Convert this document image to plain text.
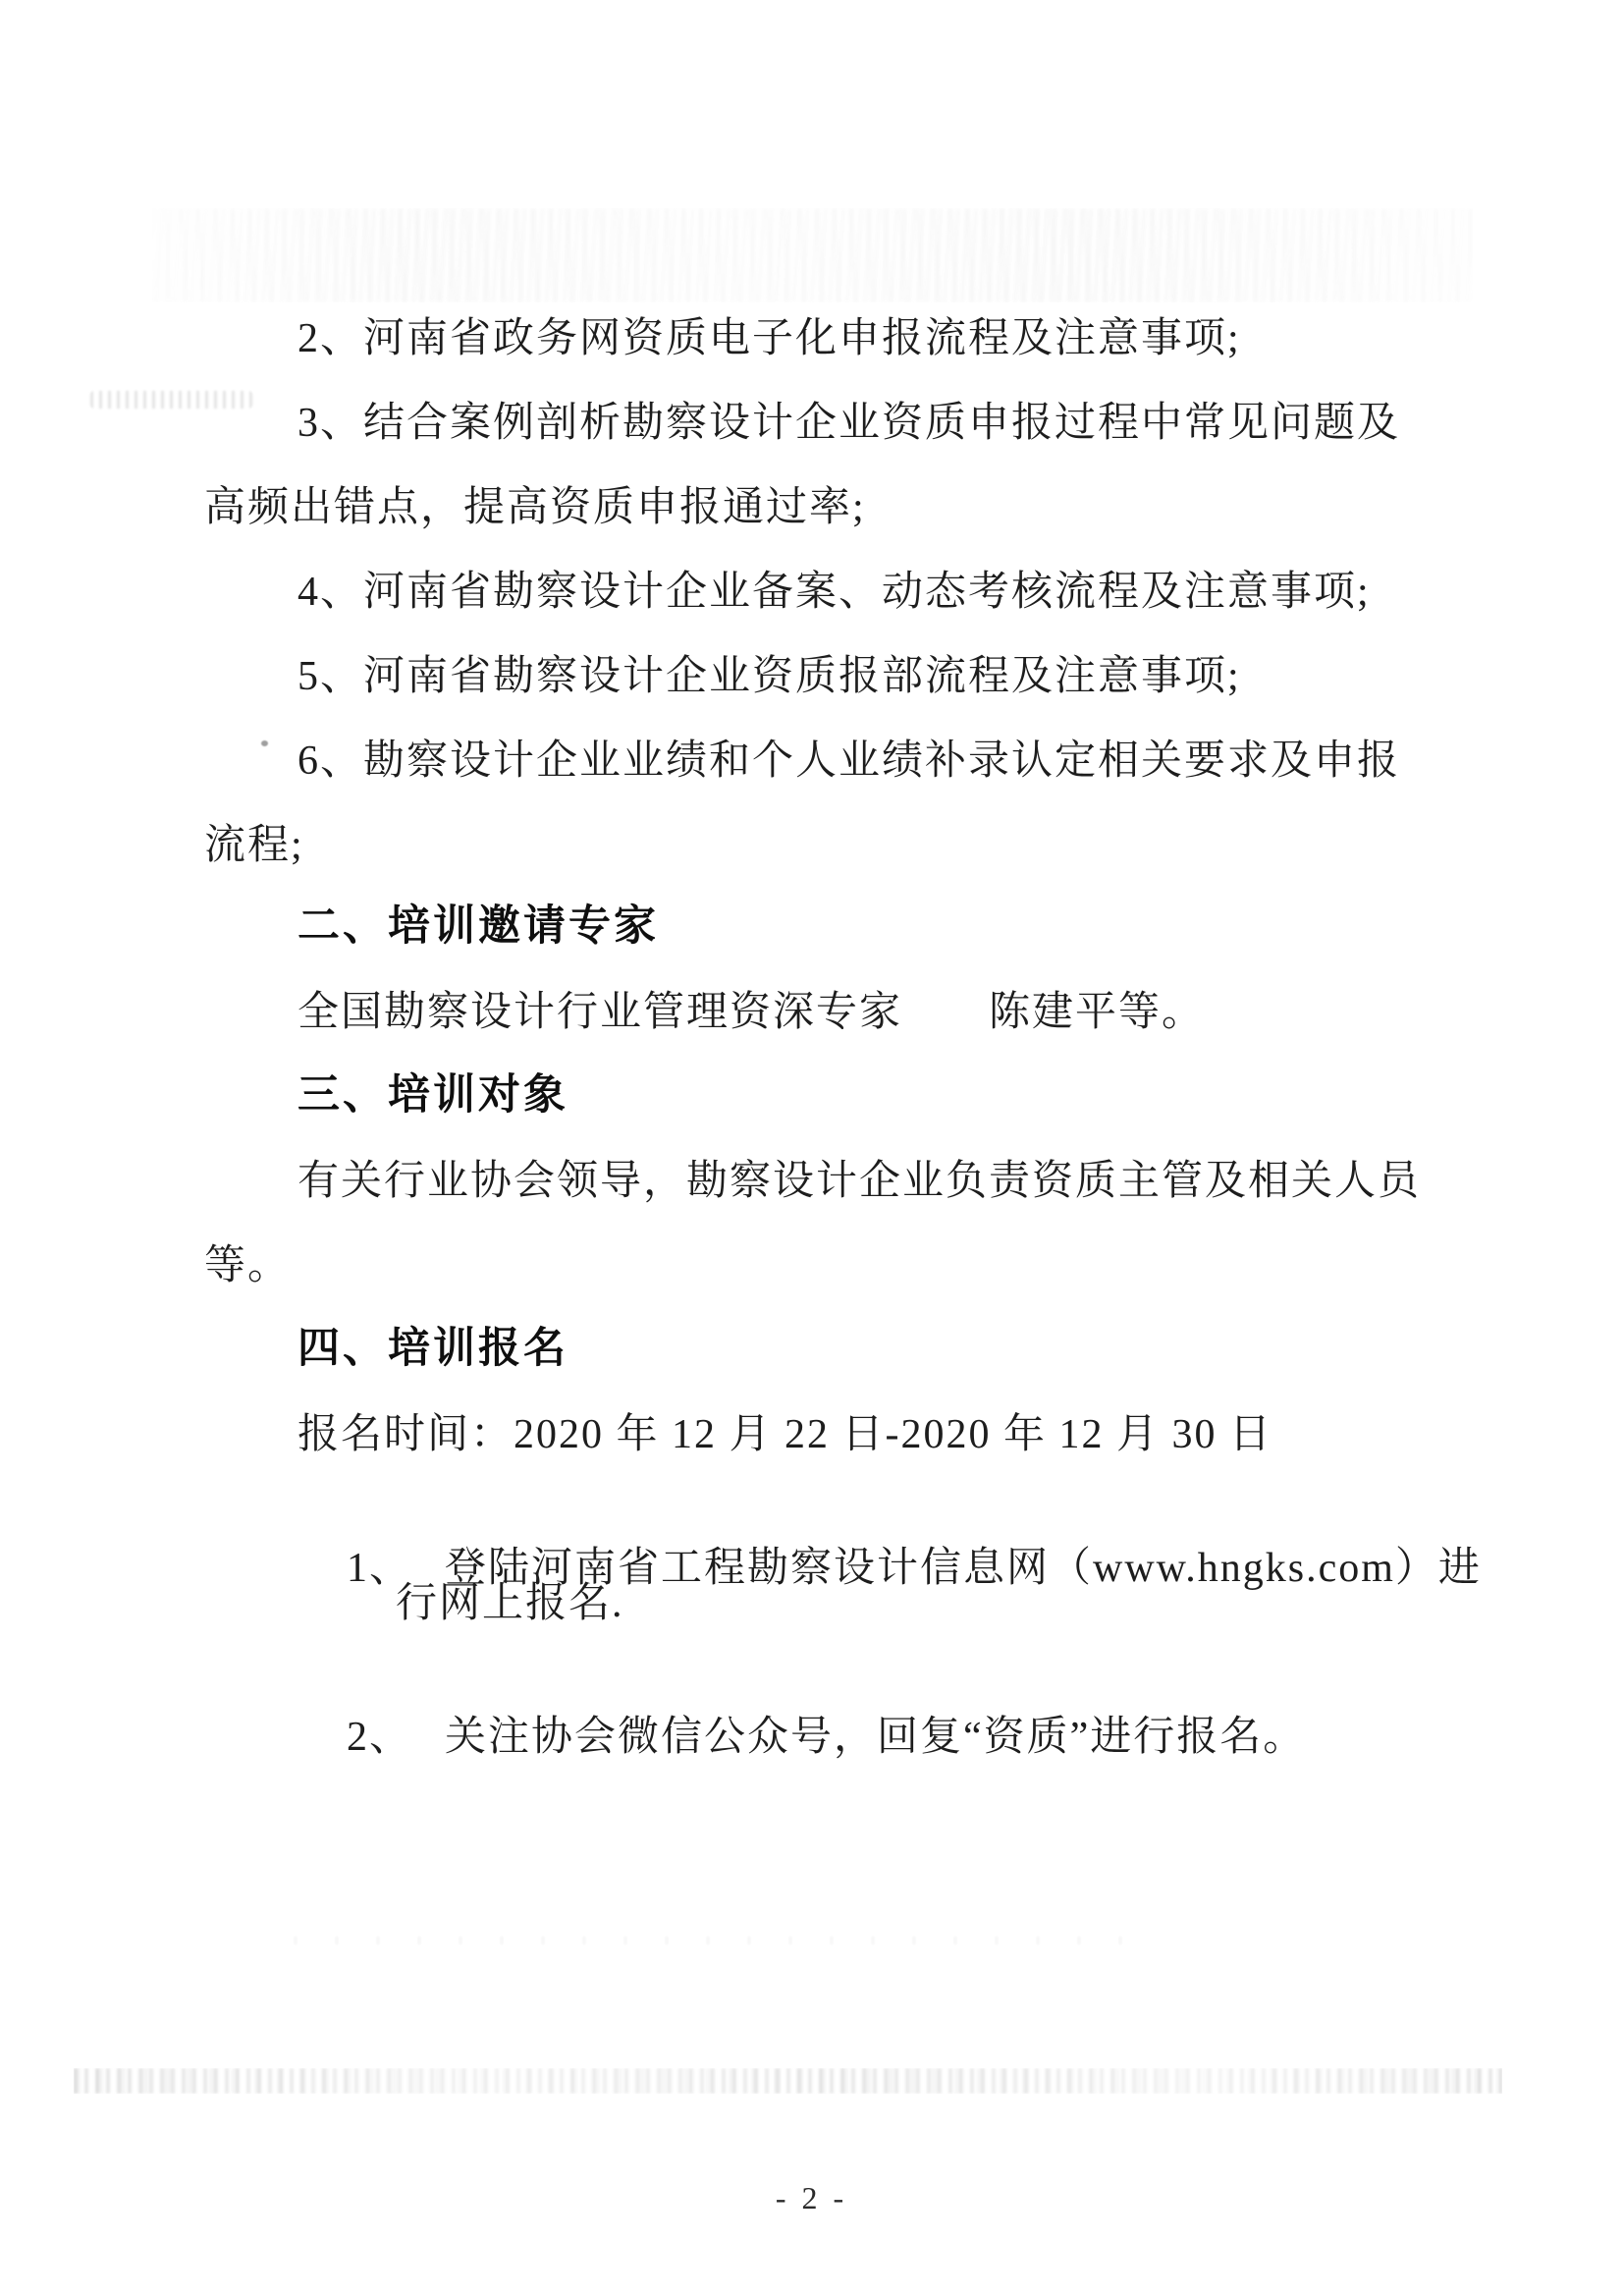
2、河南省政务网资质电子化申报流程及注意事项;
3、结合案例剖析勘察设计企业资质申报过程中常见问题及
高频出错点，提高资质申报通过率;
4、河南省勘察设计企业备案、动态考核流程及注意事项;
5、河南省勘察设计企业资质报部流程及注意事项;
6、勘察设计企业业绩和个人业绩补录认定相关要求及申报
流程;
二、培训邀请专家
全国勘察设计行业管理资深专家　　陈建平等。
三、培训对象
有关行业协会领导，勘察设计企业负责资质主管及相关人员
等。
四、培训报名
报名时间：2020 年 12 月 22 日-2020 年 12 月 30 日

1、 登陆河南省工程勘察设计信息网（www.hngks.com）进

行网上报名.

2、 关注协会微信公众号，回复“资质”进行报名。

- 2 -
